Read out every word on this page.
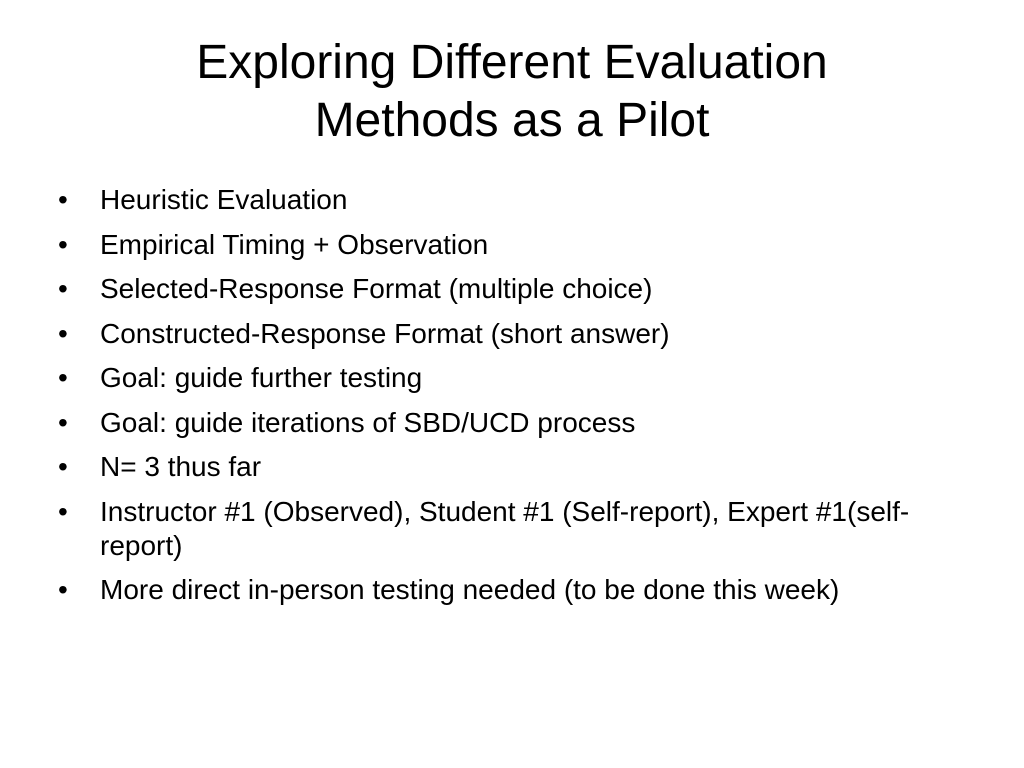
Exploring Different Evaluation
Methods as a Pilot
•	Heuristic Evaluation
•	Empirical Timing + Observation
•	Selected-Response Format (multiple choice)
•	Constructed-Response Format (short answer)
•	Goal: guide further testing
•	Goal: guide iterations of SBD/UCD process
•	N= 3 thus far
•	Instructor #1 (Observed), Student #1 (Self-report), Expert #1(self-report)
•	More direct in-person testing needed (to be done this week)
